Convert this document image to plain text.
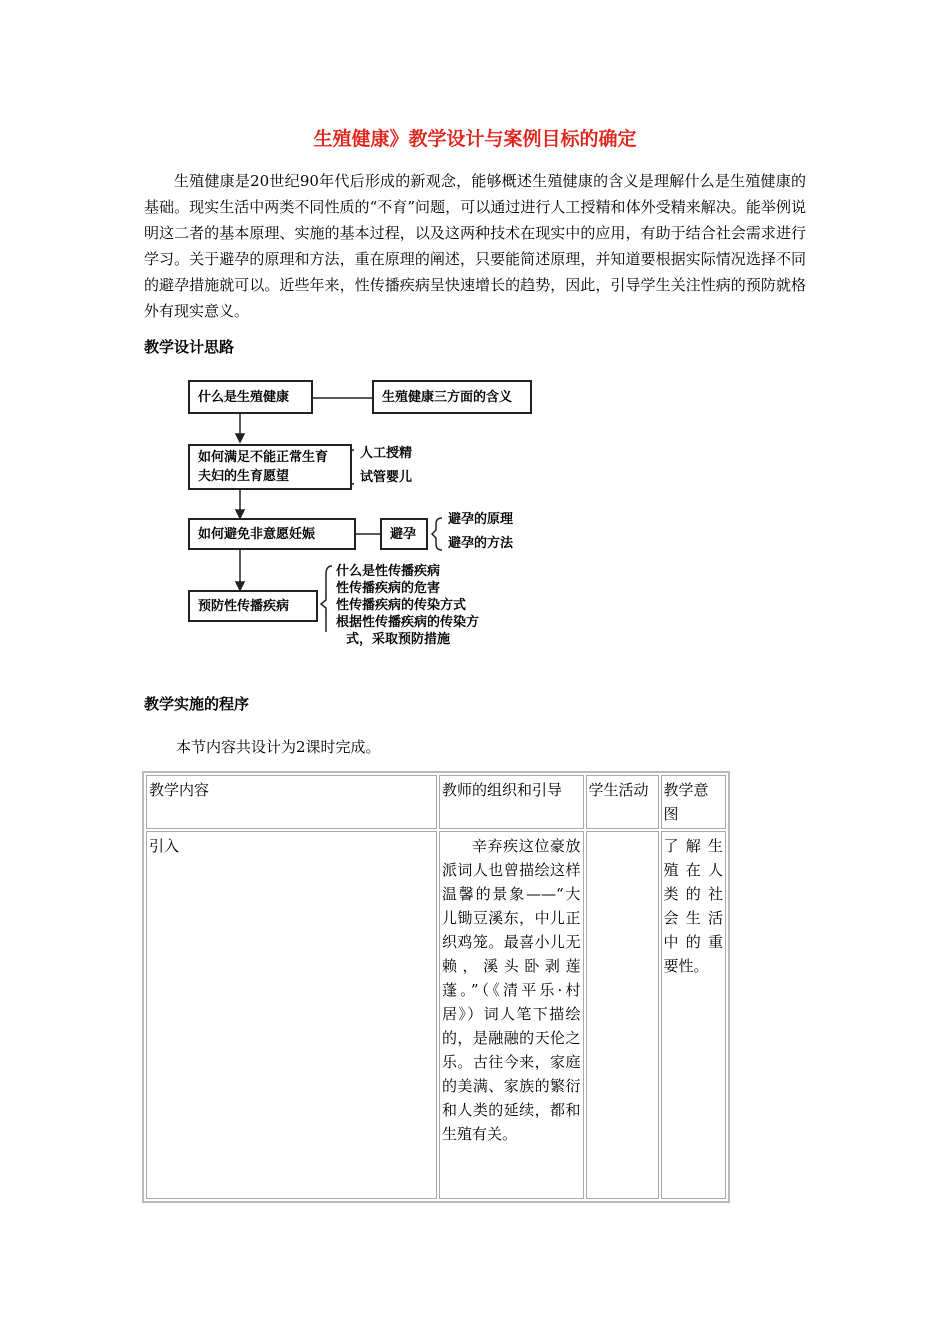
生殖健康》教学设计与案例目标的确定
生殖健康是20世纪90年代后形成的新观念，能够概述生殖健康的含义是理解什么是生殖健康的基础。现实生活中两类不同性质的“不育”问题，可以通过进行人工授精和体外受精来解决。能举例说明这二者的基本原理、实施的基本过程，以及这两种技术在现实中的应用，有助于结合社会需求进行学习。关于避孕的原理和方法，重在原理的阐述，只要能简述原理，并知道要根据实际情况选择不同的避孕措施就可以。近些年来，性传播疾病呈快速增长的趋势，因此，引导学生关注性病的预防就格外有现实意义。
教学设计思路
什么是生殖健康	生殖健康三方面的含义
如何满足不能正常生育
夫妇的生育愿望
人工授精
试管婴儿
如何避免非意愿妊娠	避孕
避孕的原理
避孕的方法
预防性传播疾病
什么是性传播疾病
性传播疾病的危害
性传播疾病的传染方式
根据性传播疾病的传染方
式，采取预防措施
教学实施的程序
本节内容共设计为2课时完成。
教学内容	教师的组织和引导	学生活动	教学意图
引入	辛弃疾这位豪放派词人也曾描绘这样温馨的景象——“大儿锄豆溪东，中儿正织鸡笼。最喜小儿无赖，溪头卧剥莲蓬。”（《清平乐·村居》）词人笔下描绘的，是融融的天伦之乐。古往今来，家庭的美满、家族的繁衍和人类的延续，都和生殖有关。		了解生殖在人类的社会生活中的重要性。
